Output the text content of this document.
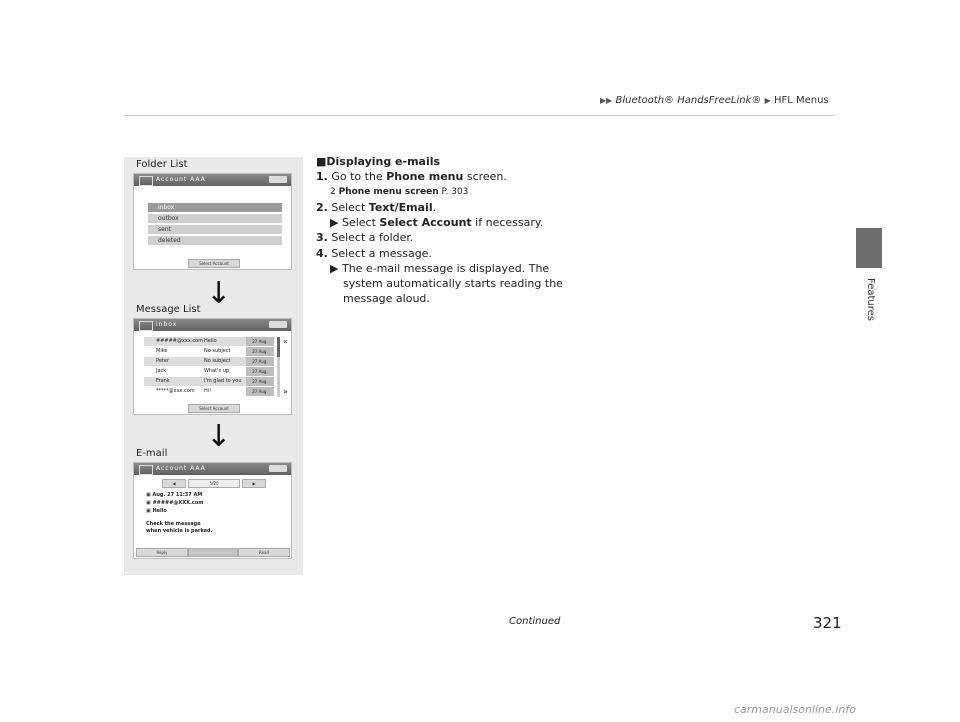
▶▶ Bluetooth® HandsFreeLink® ▶ HFL Menus
Features
Folder List
Account AAA
inbox
outbox
sent
deleted
Select Account
↓
Message List
inbox
#####@xxx.com Hello	27 Aug.
Mike	No subject	27 Aug.
Peter	No subject	27 Aug.
Jack	What's up	27 Aug.
Frank	I'm glad to you	27 Aug.
*****@xxx.com Hi!	27 Aug.
«
»
Select Account
↓
E-mail
Account AAA
◀	5/20	▶
▣ Aug. 27 11:37 AM
▣ #####@XXX.com
▣ Hello
Check the message
when vehicle is parked.
Reply	Read
■Displaying e-mails
1. Go to the Phone menu screen.
2 Phone menu screen P. 303
2. Select Text/Email.
▶ Select Select Account if necessary.
3. Select a folder.
4. Select a message.
▶ The e-mail message is displayed. The
system automatically starts reading the
message aloud.
Continued	321
carmanualsonline.info
